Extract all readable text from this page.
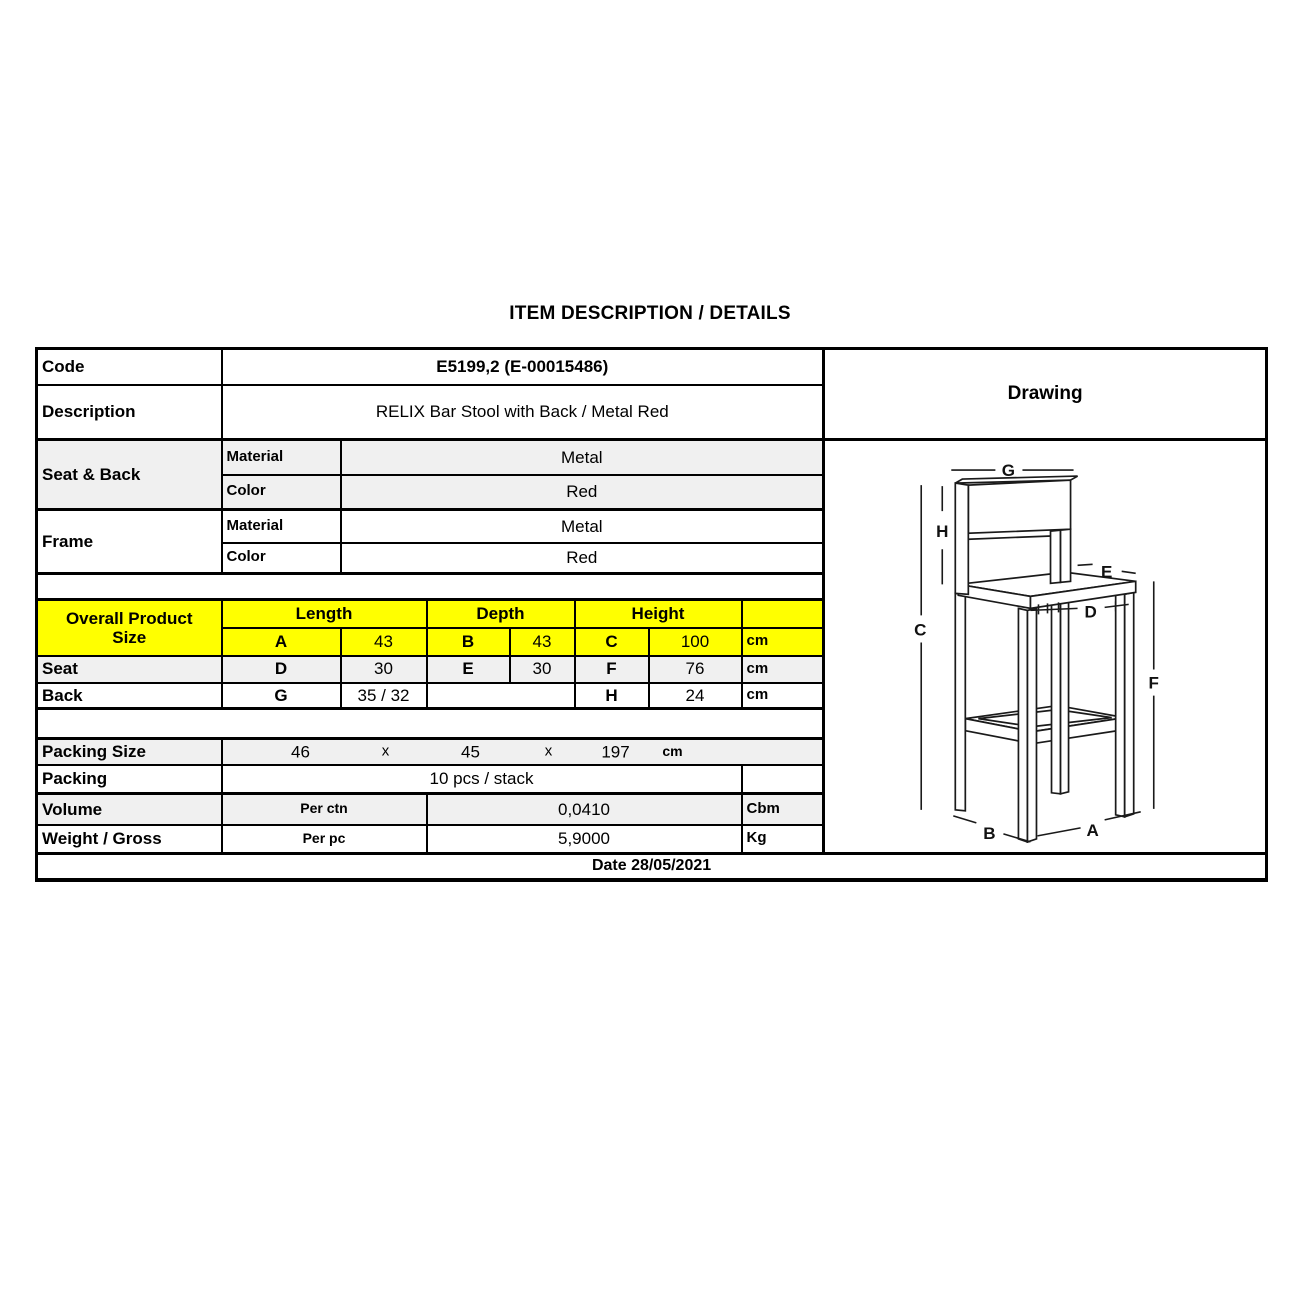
ITEM DESCRIPTION / DETAILS
Code	E5199,2 (E-00015486)							Drawing
Description	RELIX Bar Stool with Back / Metal Red							
Seat & Back	Material	Metal	
G
H
C
E
D
F
B	A

	Color	Red						
Frame	Material	Metal						
	Color	Red						

Overall Product
Size	Length		Depth		Height			
	A	43	B	43	C	100	cm	
Seat	D	30	E	30	F	76	cm	
Back	G	35 / 32			H	24	cm	

Packing Size	46	x	45	x	197 cm

Packing	10 pcs / stack							
Volume	Per ctn		0,0410				Cbm	
Weight / Gross	Per pc		5,9000				Kg	
Date 28/05/2021								
